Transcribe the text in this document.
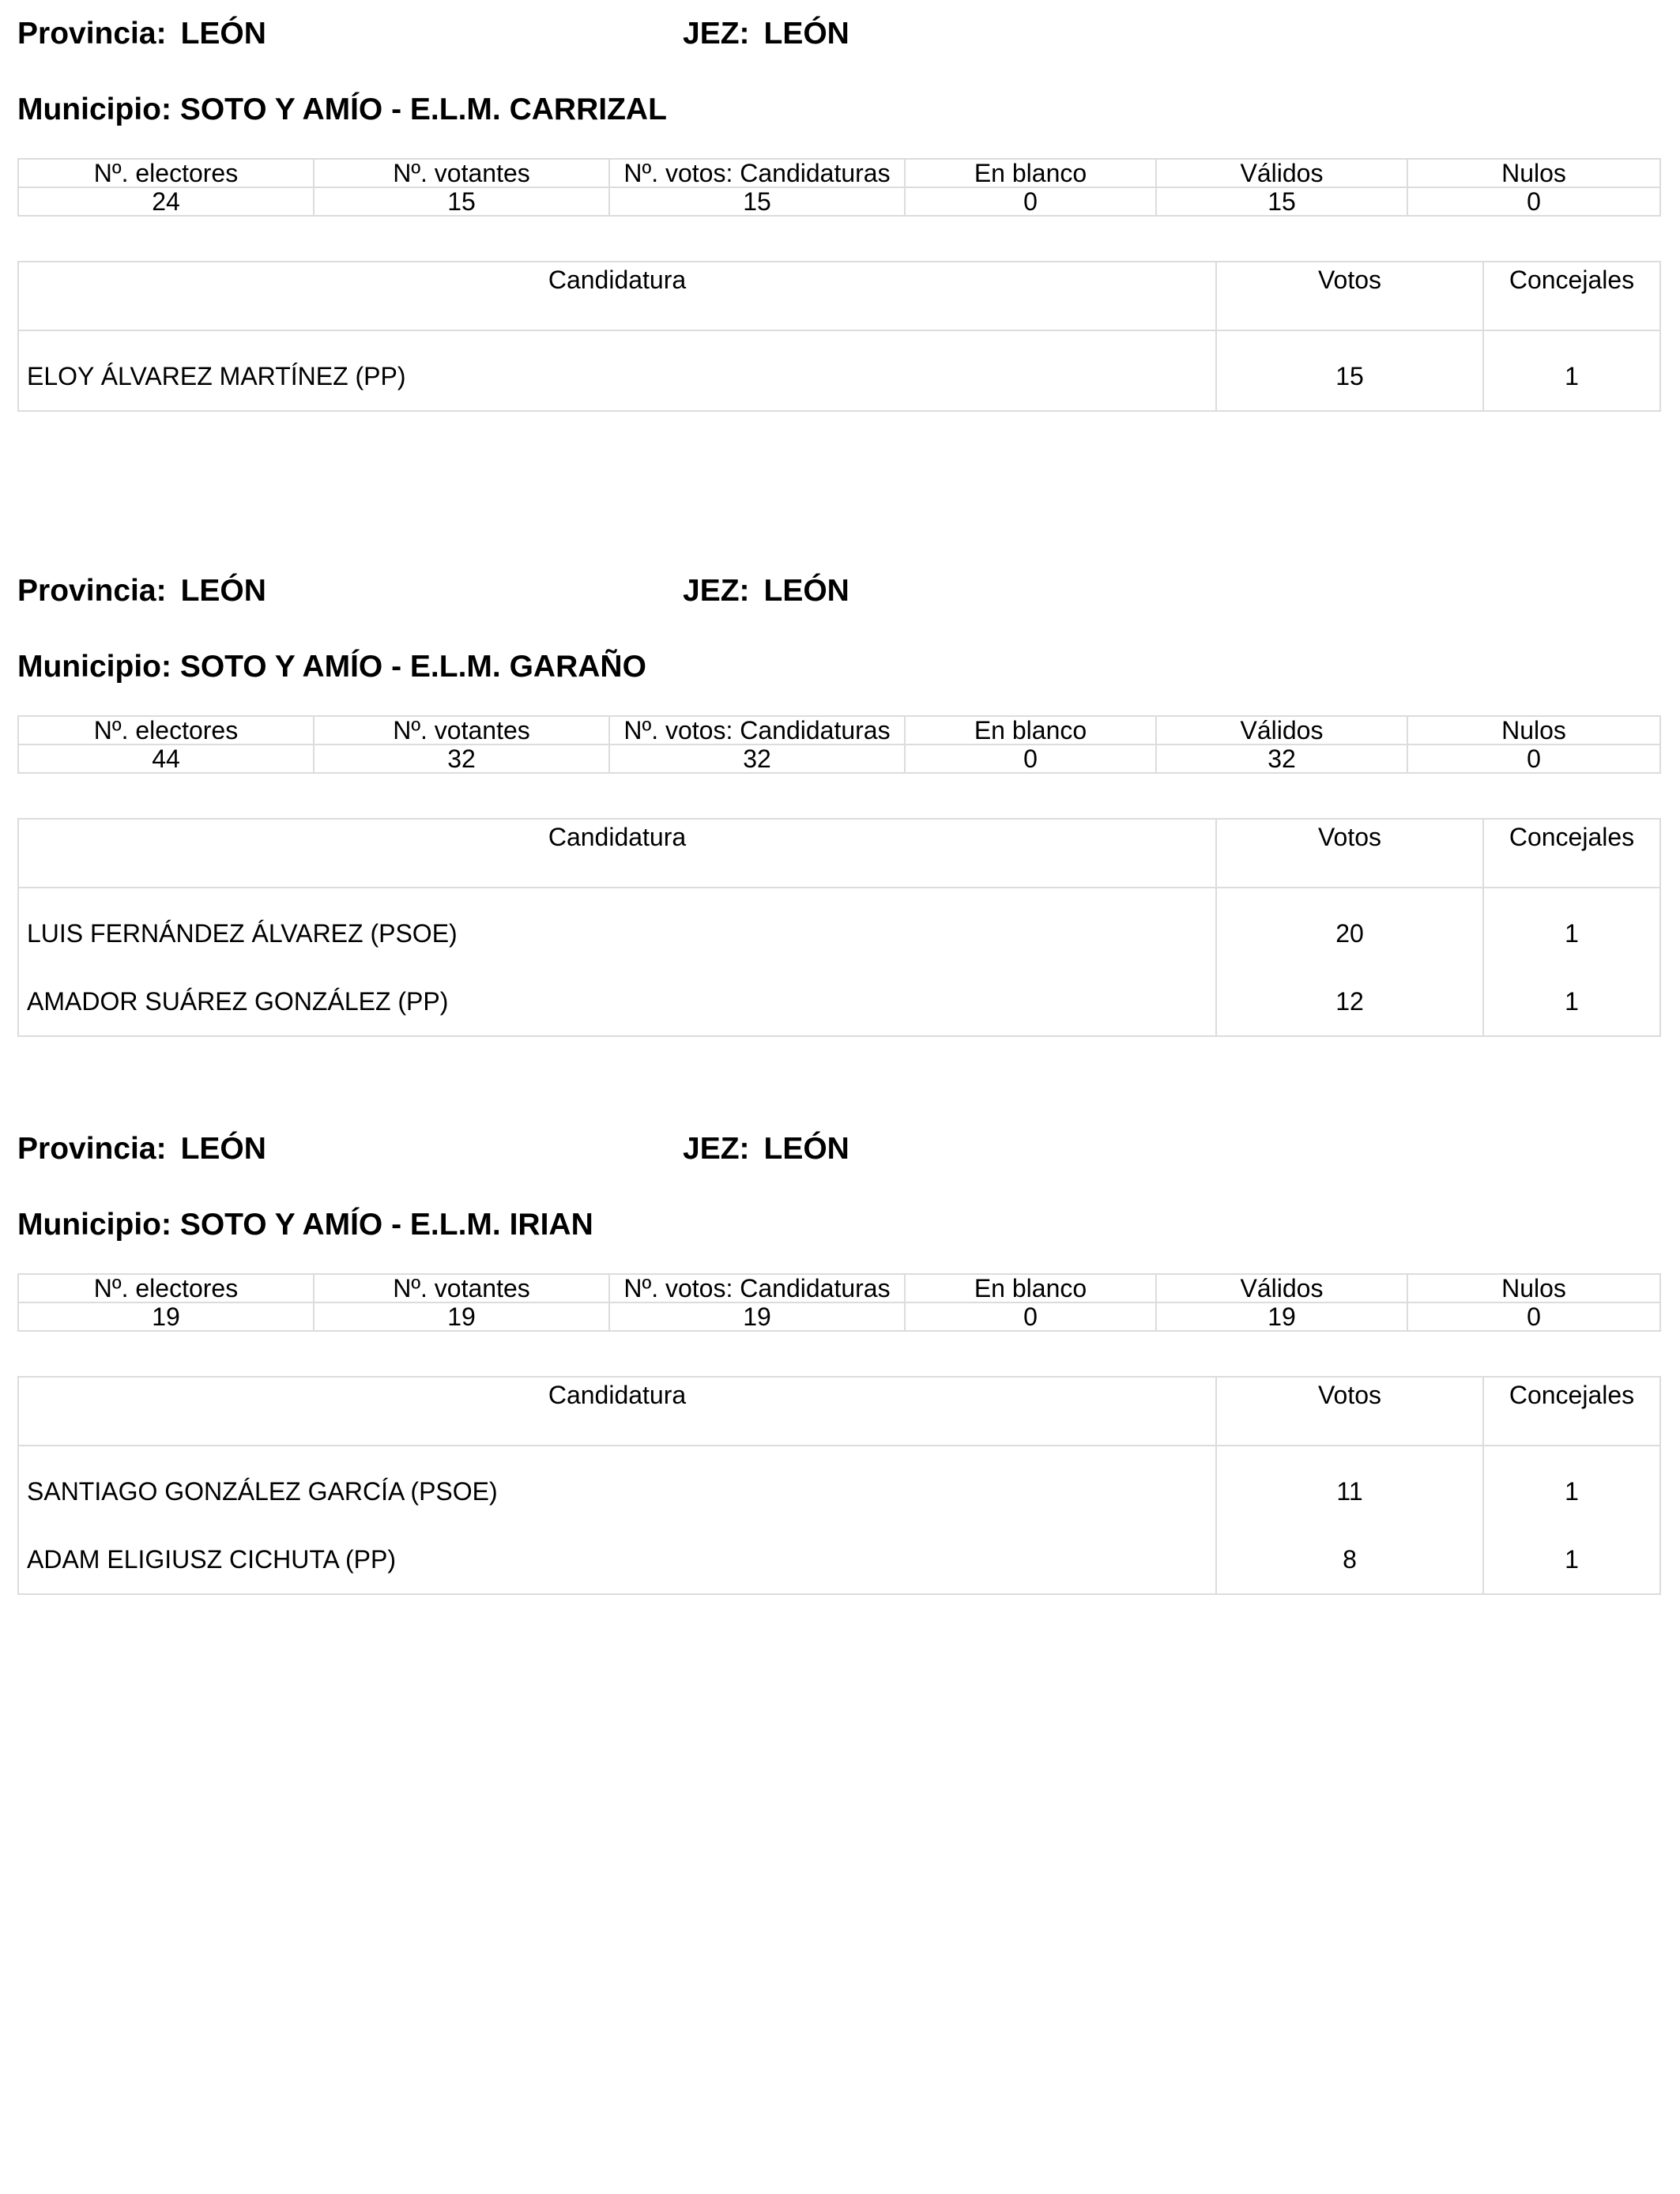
Provincia: LEÓN	JEZ: LEÓN
Municipio: SOTO Y AMÍO - E.L.M. CARRIZAL
Nº. electores	Nº. votantes	Nº. votos: Candidaturas	En blanco	Válidos	Nulos
24	15	15	0	15	0
Candidatura	Votos	Concejales
ELOY ÁLVAREZ MARTÍNEZ (PP)	15	1
Provincia: LEÓN	JEZ: LEÓN
Municipio: SOTO Y AMÍO - E.L.M. GARAÑO
Nº. electores	Nº. votantes	Nº. votos: Candidaturas	En blanco	Válidos	Nulos
44	32	32	0	32	0
Candidatura	Votos	Concejales
LUIS FERNÁNDEZ ÁLVAREZ (PSOE)	20	1
AMADOR SUÁREZ GONZÁLEZ (PP)	12	1
Provincia: LEÓN	JEZ: LEÓN
Municipio: SOTO Y AMÍO - E.L.M. IRIAN
Nº. electores	Nº. votantes	Nº. votos: Candidaturas	En blanco	Válidos	Nulos
19	19	19	0	19	0
Candidatura	Votos	Concejales
SANTIAGO GONZÁLEZ GARCÍA (PSOE)	11	1
ADAM ELIGIUSZ CICHUTA (PP)	8	1
